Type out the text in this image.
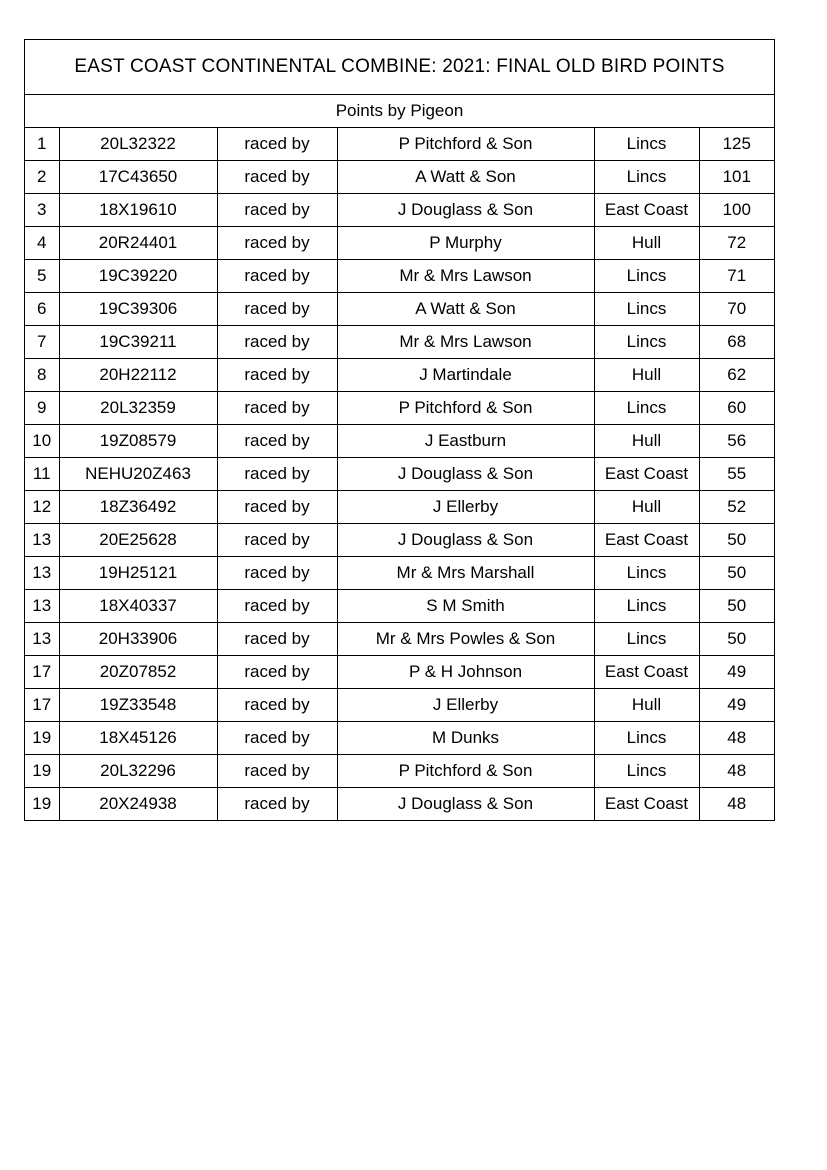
EAST COAST CONTINENTAL COMBINE: 2021: FINAL OLD BIRD POINTS
Points by Pigeon
1	20L32322	raced by	P Pitchford & Son	Lincs	125
2	17C43650	raced by	A Watt & Son	Lincs	101
3	18X19610	raced by	J Douglass & Son	East Coast	100
4	20R24401	raced by	P Murphy	Hull	72
5	19C39220	raced by	Mr & Mrs Lawson	Lincs	71
6	19C39306	raced by	A Watt & Son	Lincs	70
7	19C39211	raced by	Mr & Mrs Lawson	Lincs	68
8	20H22112	raced by	J Martindale	Hull	62
9	20L32359	raced by	P Pitchford & Son	Lincs	60
10	19Z08579	raced by	J Eastburn	Hull	56
11	NEHU20Z463	raced by	J Douglass & Son	East Coast	55
12	18Z36492	raced by	J Ellerby	Hull	52
13	20E25628	raced by	J Douglass & Son	East Coast	50
13	19H25121	raced by	Mr & Mrs Marshall	Lincs	50
13	18X40337	raced by	S M Smith	Lincs	50
13	20H33906	raced by	Mr & Mrs Powles & Son	Lincs	50
17	20Z07852	raced by	P & H Johnson	East Coast	49
17	19Z33548	raced by	J Ellerby	Hull	49
19	18X45126	raced by	M Dunks	Lincs	48
19	20L32296	raced by	P Pitchford & Son	Lincs	48
19	20X24938	raced by	J Douglass & Son	East Coast	48
